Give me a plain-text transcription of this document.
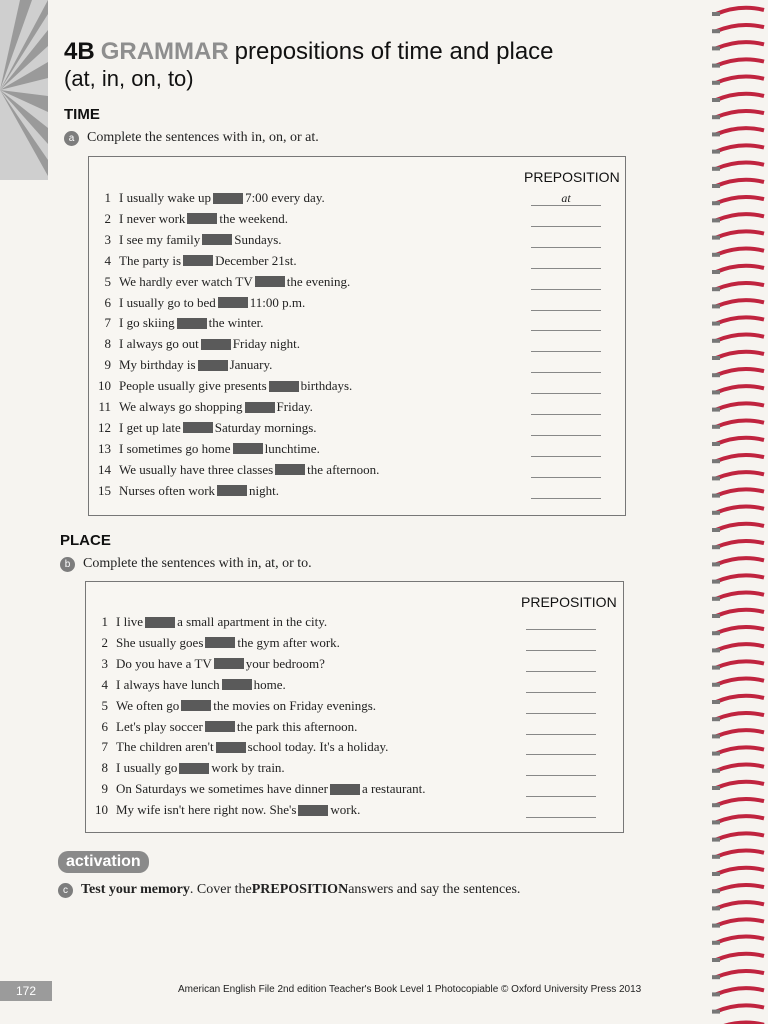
4B GRAMMAR prepositions of time and place
(at, in, on, to)
TIME
a Complete the sentences with in, on, or at.
PREPOSITION
1 I usually wake up	7:00 every day.	at
2 I never work	the weekend.
3 I see my family	Sundays.
4 The party is	December 21st.
5 We hardly ever watch TV	the evening.
6 I usually go to bed	11:00 p.m.
7 I go skiing	the winter.
8 I always go out	Friday night.
9 My birthday is	January.
10 People usually give presents	birthdays.
11 We always go shopping	Friday.
12 I get up late	Saturday mornings.
13 I sometimes go home	lunchtime.
14 We usually have three classes	the afternoon.
15 Nurses often work	night.
PLACE
b Complete the sentences with in, at, or to.
PREPOSITION
1 I live	a small apartment in the city.
2 She usually goes	the gym after work.
3 Do you have a TV	your bedroom?
4 I always have lunch	home.
5 We often go	the movies on Friday evenings.
6 Let's play soccer	the park this afternoon.
7 The children aren't	school today. It's a holiday.
8 I usually go	work by train.
9 On Saturdays we sometimes have dinner	a restaurant.
10 My wife isn't here right now. She's	work.
activation
c Test your memory . Cover the PREPOSITION answers and say the sentences.
172	American English File 2nd edition Teacher's Book Level 1 Photocopiable © Oxford University Press 2013
